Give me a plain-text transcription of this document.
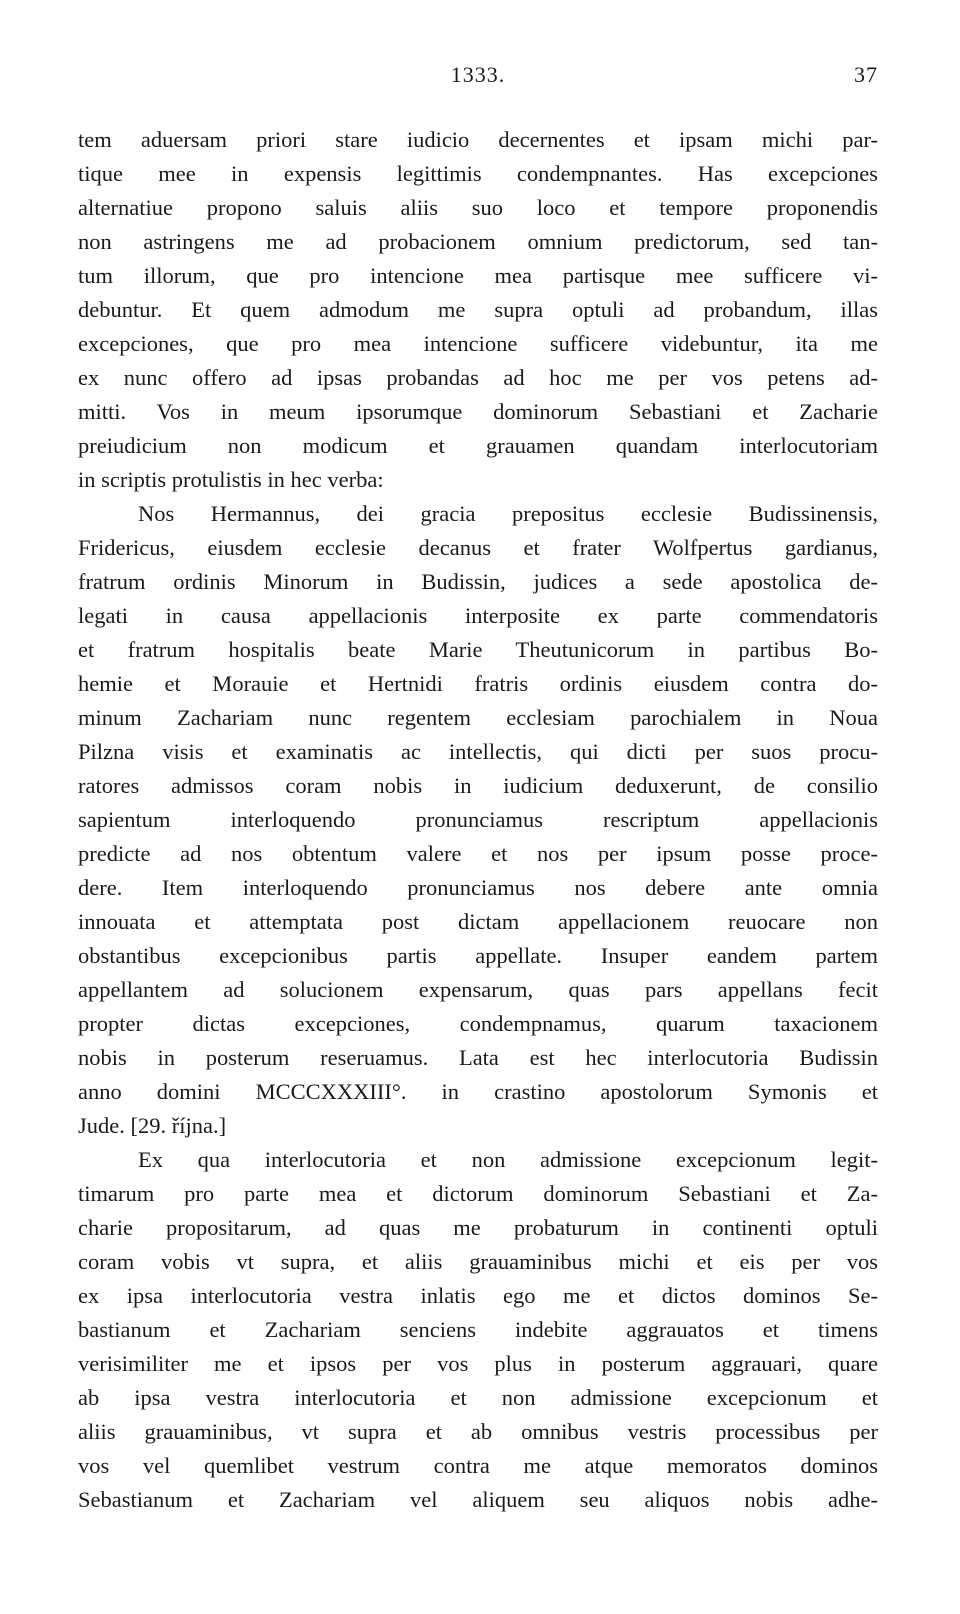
1333.	37
tem aduersam priori stare iudicio decernentes et ipsam michi par-
tique mee in expensis legittimis condempnantes. Has excepciones
alternatiue propono saluis aliis suo loco et tempore proponendis
non astringens me ad probacionem omnium predictorum, sed tan-
tum illorum, que pro intencione mea partisque mee sufficere vi-
debuntur. Et quem admodum me supra optuli ad probandum, illas
excepciones, que pro mea intencione sufficere videbuntur, ita me
ex nunc offero ad ipsas probandas ad hoc me per vos petens ad-
mitti. Vos in meum ipsorumque dominorum Sebastiani et Zacharie
preiudicium non modicum et grauamen quandam interlocutoriam
in scriptis protulistis in hec verba:
Nos Hermannus, dei gracia prepositus ecclesie Budissinensis,
Fridericus, eiusdem ecclesie decanus et frater Wolfpertus gardianus,
fratrum ordinis Minorum in Budissin, judices a sede apostolica de-
legati in causa appellacionis interposite ex parte commendatoris
et fratrum hospitalis beate Marie Theutunicorum in partibus Bo-
hemie et Morauie et Hertnidi fratris ordinis eiusdem contra do-
minum Zachariam nunc regentem ecclesiam parochialem in Noua
Pilzna visis et examinatis ac intellectis, qui dicti per suos procu-
ratores admissos coram nobis in iudicium deduxerunt, de consilio
sapientum interloquendo pronunciamus rescriptum appellacionis
predicte ad nos obtentum valere et nos per ipsum posse proce-
dere. Item interloquendo pronunciamus nos debere ante omnia
innouata et attemptata post dictam appellacionem reuocare non
obstantibus excepcionibus partis appellate. Insuper eandem partem
appellantem ad solucionem expensarum, quas pars appellans fecit
propter dictas excepciones, condempnamus, quarum taxacionem
nobis in posterum reseruamus. Lata est hec interlocutoria Budissin
anno domini MCCCXXXIII°. in crastino apostolorum Symonis et
Jude. [29. října.]
Ex qua interlocutoria et non admissione excepcionum legit-
timarum pro parte mea et dictorum dominorum Sebastiani et Za-
charie propositarum, ad quas me probaturum in continenti optuli
coram vobis vt supra, et aliis grauaminibus michi et eis per vos
ex ipsa interlocutoria vestra inlatis ego me et dictos dominos Se-
bastianum et Zachariam senciens indebite aggrauatos et timens
verisimiliter me et ipsos per vos plus in posterum aggrauari, quare
ab ipsa vestra interlocutoria et non admissione excepcionum et
aliis grauaminibus, vt supra et ab omnibus vestris processibus per
vos vel quemlibet vestrum contra me atque memoratos dominos
Sebastianum et Zachariam vel aliquem seu aliquos nobis adhe-
